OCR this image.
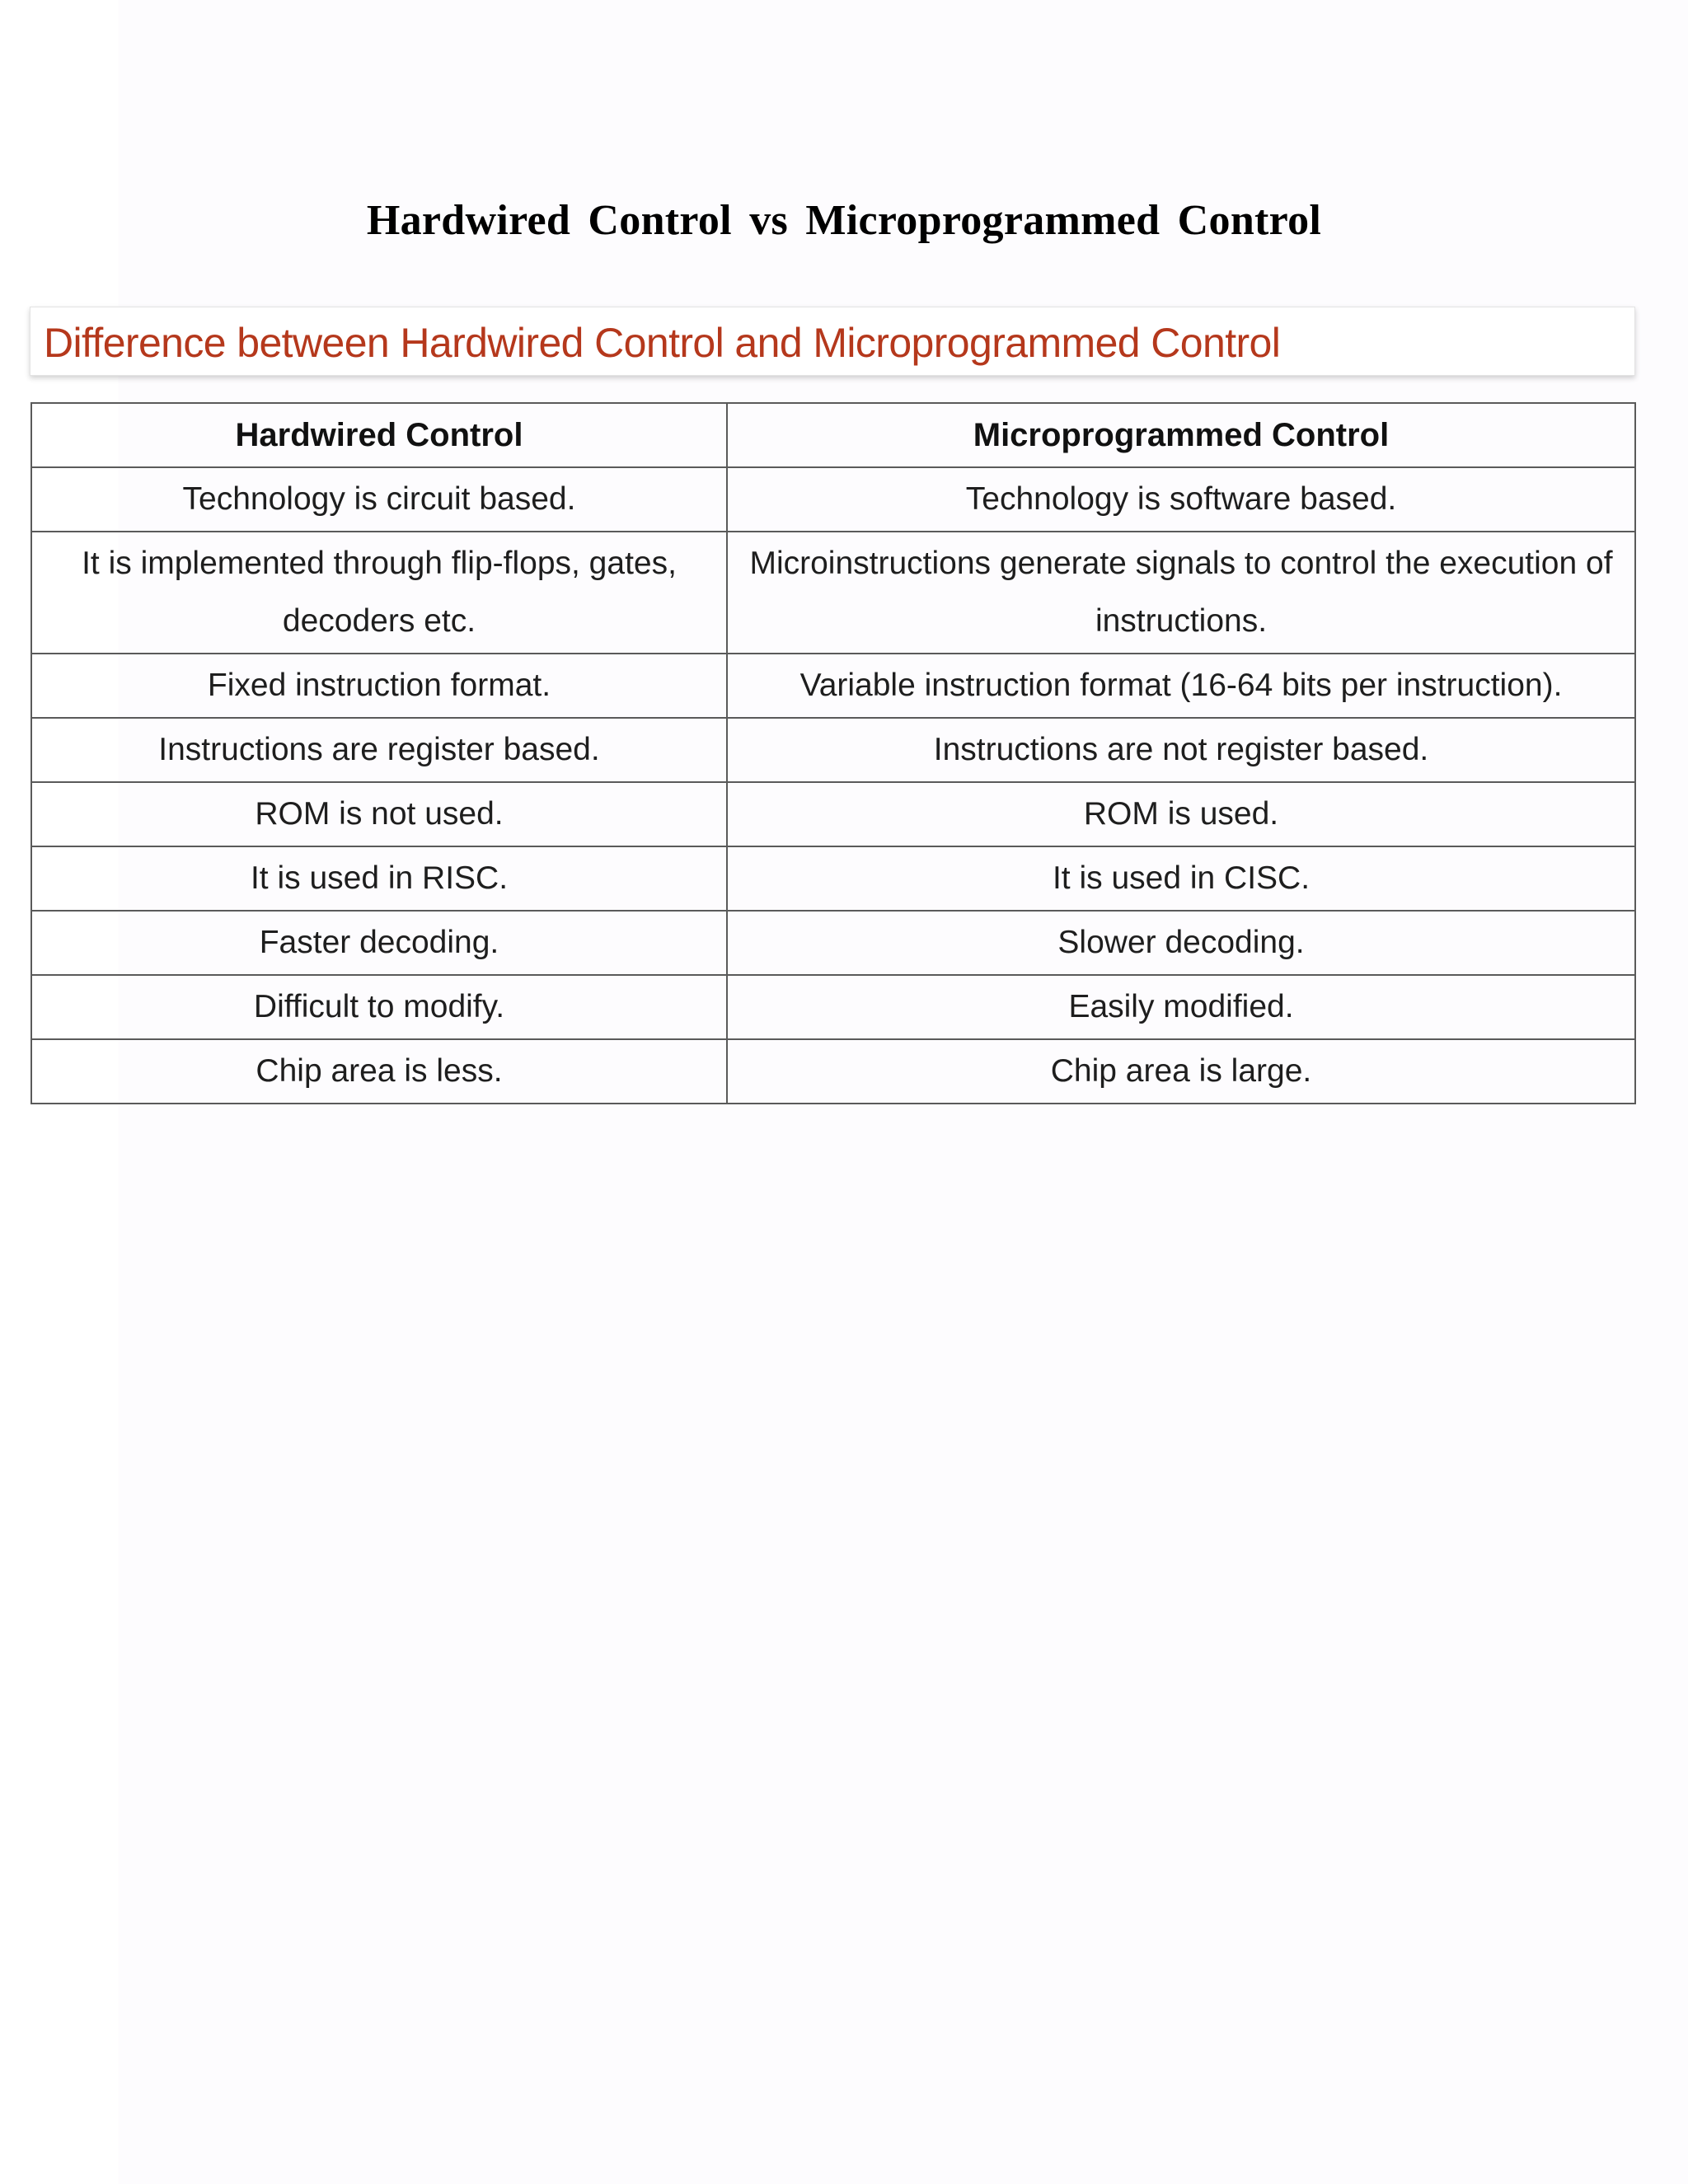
Hardwired Control vs Microprogrammed Control
Difference between Hardwired Control and Microprogrammed Control
Hardwired Control	Microprogrammed Control
Technology is circuit based.	Technology is software based.
It is implemented through flip-flops, gates, decoders etc.	Microinstructions generate signals to control the execution of instructions.
Fixed instruction format.	Variable instruction format (16-64 bits per instruction).
Instructions are register based.	Instructions are not register based.
ROM is not used.	ROM is used.
It is used in RISC.	It is used in CISC.
Faster decoding.	Slower decoding.
Difficult to modify.	Easily modified.
Chip area is less.	Chip area is large.
